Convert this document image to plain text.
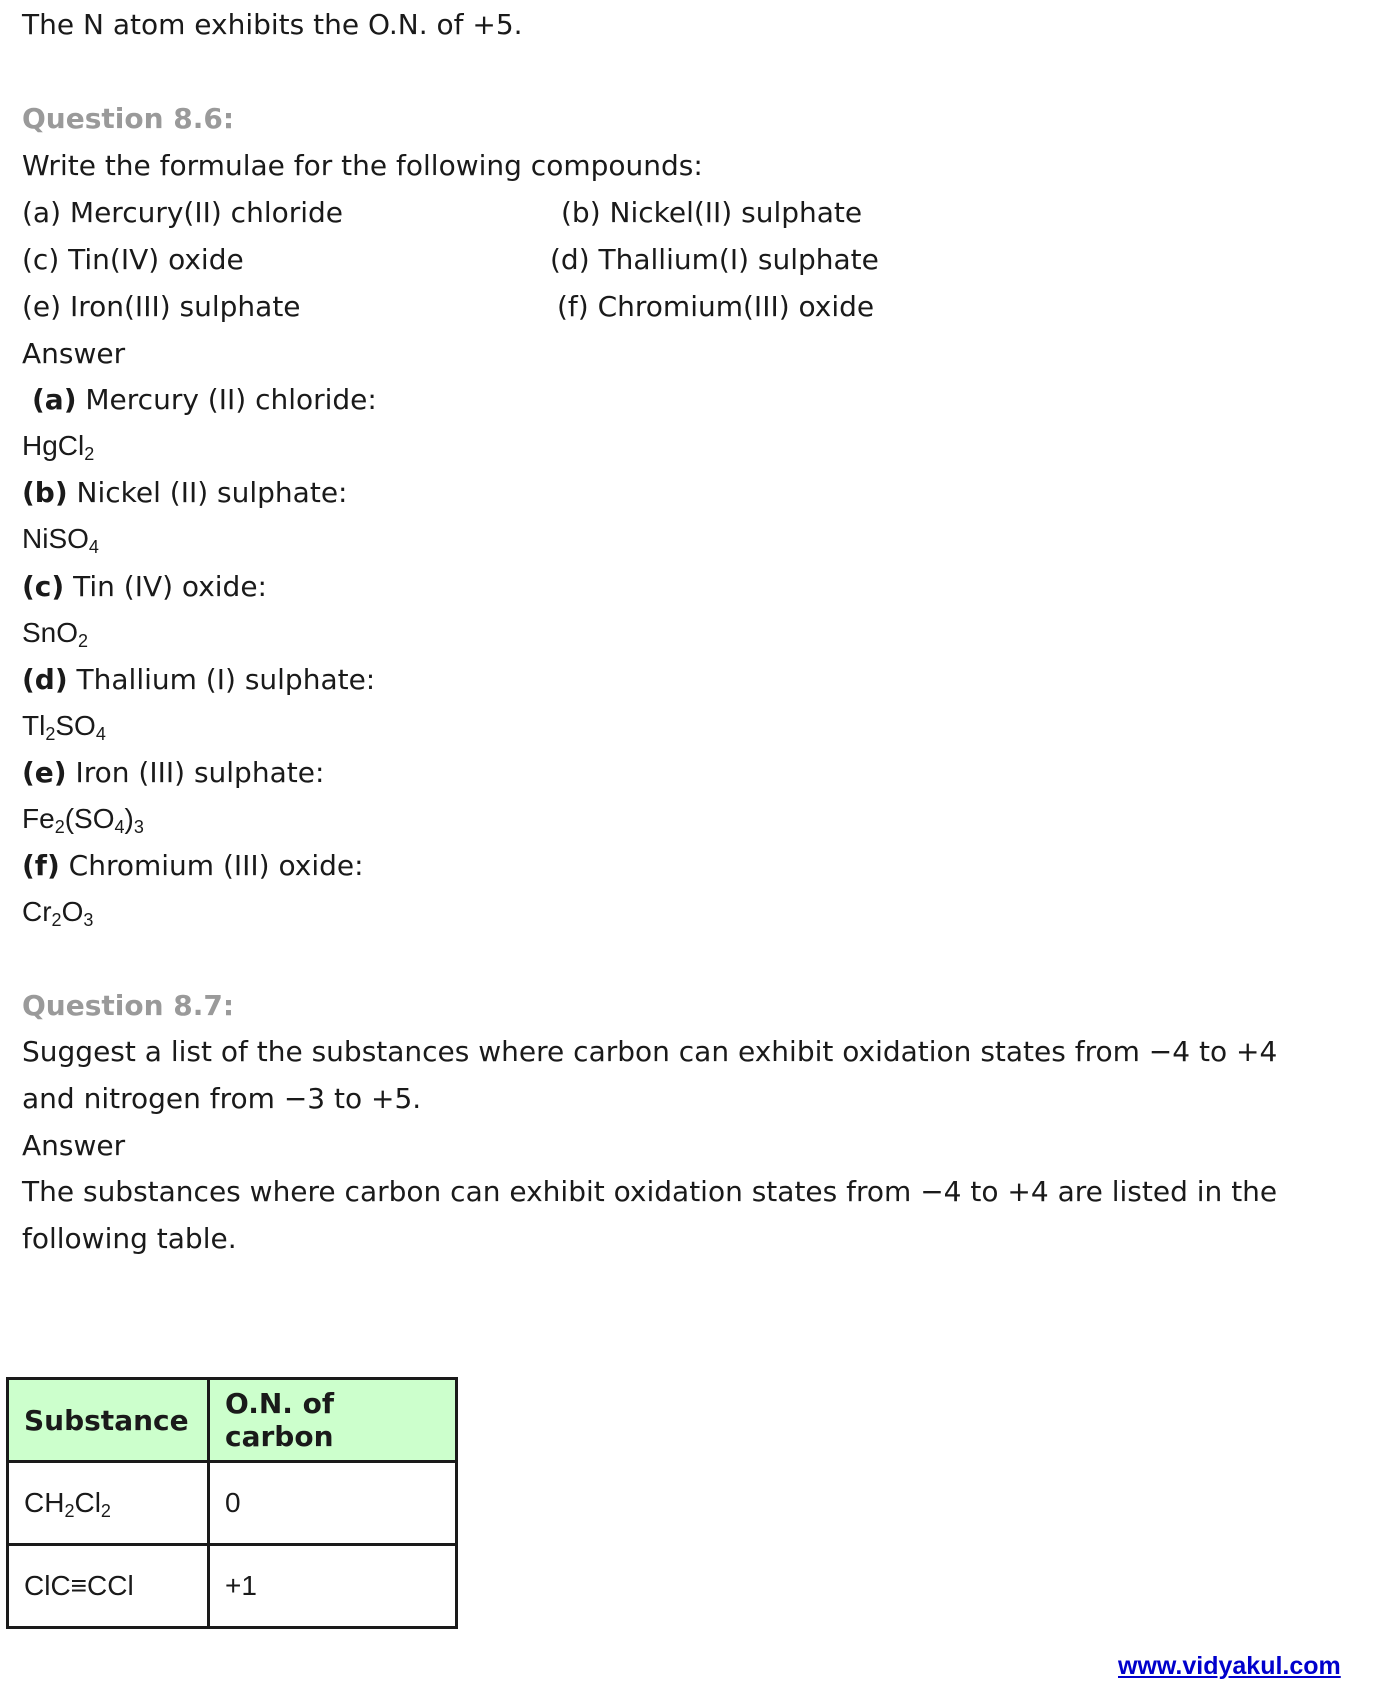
The N atom exhibits the O.N. of +5.
Question 8.6:
Write the formulae for the following compounds:
(a) Mercury(II) chloride	(b) Nickel(II) sulphate
(c) Tin(IV) oxide	(d) Thallium(I) sulphate
(e) Iron(III) sulphate	(f) Chromium(III) oxide
Answer
(a) Mercury (II) chloride:
HgCl$_2$
(b) Nickel (II) sulphate:
NiSO$_4$
(c) Tin (IV) oxide:
SnO$_2$
(d) Thallium (I) sulphate:
$Tl_2SO_4$
(e) Iron (III) sulphate:
$Fe_2(SO_4)_3$
(f) Chromium (III) oxide:
$Cr_2O_3$
Question 8.7:
Suggest a list of the substances where carbon can exhibit oxidation states from −4 to +4
and nitrogen from −3 to +5.
Answer
The substances where carbon can exhibit oxidation states from −4 to +4 are listed in the
following table.
Substance	O.N. of carbon
$CH_2Cl_2$	0
ClC≡CCl	+1
www.vidyakul.com
